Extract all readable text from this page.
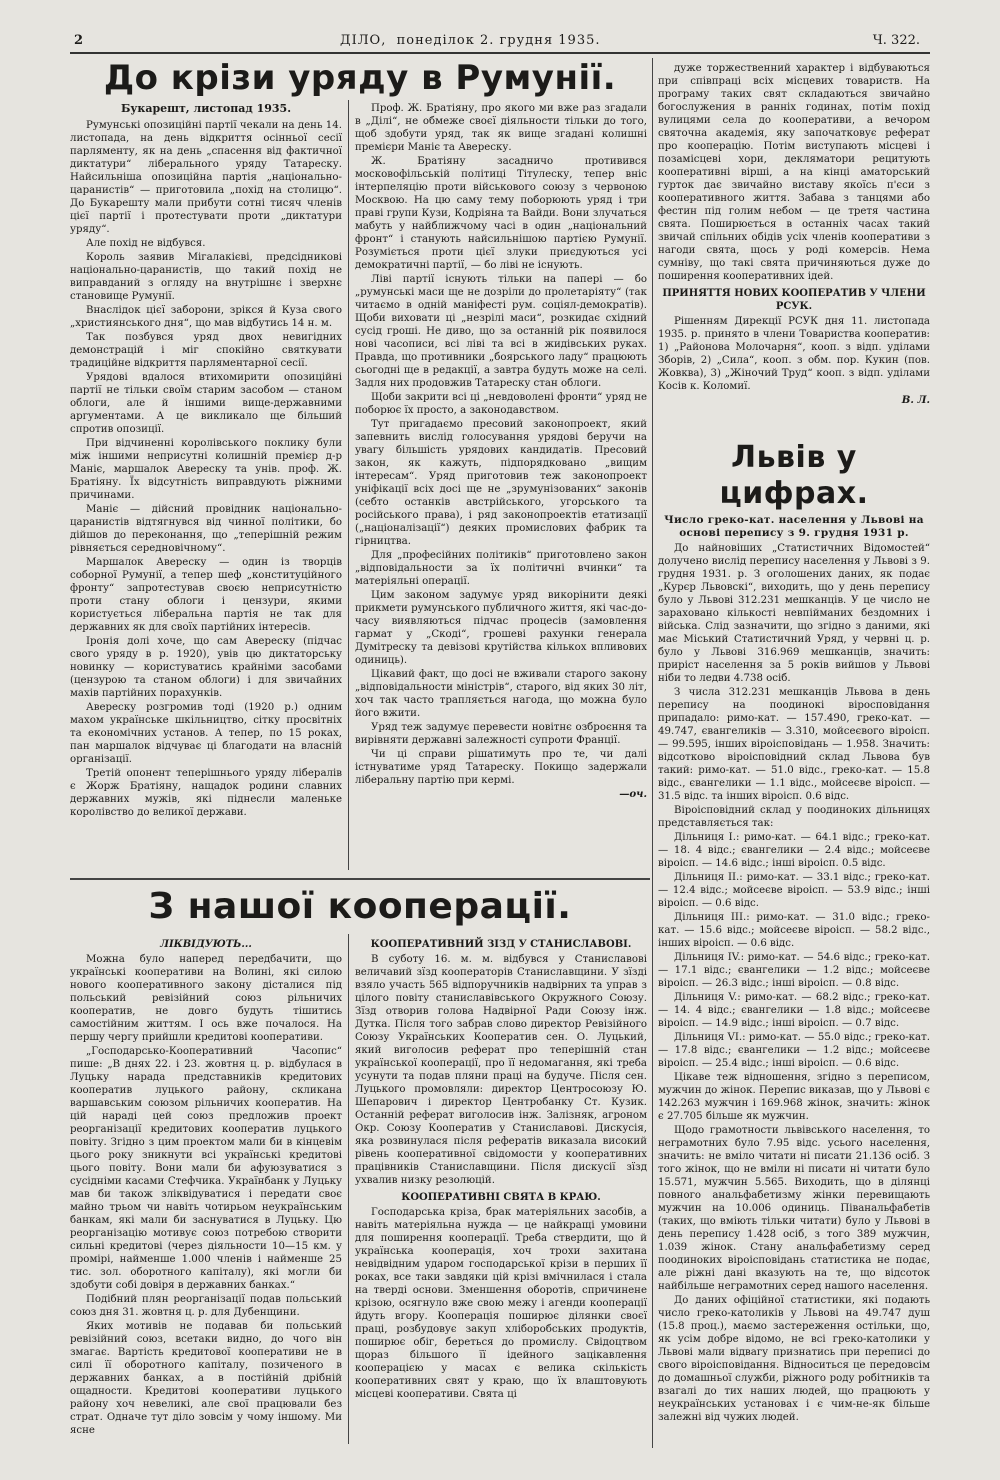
2	ДІЛО, понеділок 2. грудня 1935.	Ч. 322.
До крізи уряду в Румунії.
Букарешт, листопад 1935.

Румунські опозиційні партії чекали на день 14. листопада, на день відкриття осінньої сесії парляменту, як на день „спасення від фактичної диктатури“ ліберального уряду Татареску. Найсильніша опозиційна партія „національно-царанистів“ — приготовила „похід на столицю“. До Букарешту мали прибути сотні тисяч членів цієї партії і протестувати проти „диктатури уряду“.

Але похід не відбувся.

Король заявив Мігалакієві, предсідникові національно-царанистів, що такий похід не виправданий з огляду на внутрішнє і зверхнє становище Румунії.

Внаслідок цієї заборони, зрікся й Куза свого „християнського дня“, що мав відбутись 14 н. м.

Так позбувся уряд двох невигідних демонстрацій і міг спокійно святкувати традиційне відкриття парляментарної сесії.

Урядові вдалося втихомирити опозиційні партії не тільки своїм старим засобом — станом облоги, але й іншими вище-державними аргументами. А це викликало ще більший спротив опозиції.

При відчиненні королівського поклику були між іншими неприсутні колишній премієр д-р Маніє, маршалок Авереску та унів. проф. Ж. Братіяну. Їх відсутність виправдують ріжними причинами.

Маніє — дійсний провідник національно-царанистів відтягнувся від чинної політики, бо дійшов до переконання, що „теперішній режим рівняється середновічному“.

Маршалок Авереску — один із творців соборної Румунії, а тепер шеф „конституційного фронту“ запротестував своєю неприсутністю проти стану облоги і цензури, якими користується ліберальна партія не так для державних як для своїх партійних інтересів.

Іронія долі хоче, що сам Авереску (підчас свого уряду в р. 1920), увів цю диктаторську новинку — користуватись крайніми засобами (цензурою та станом облоги) і для звичайних махів партійних порахунків.

Авереску розгромив тоді (1920 р.) одним махом українське шкільництво, сітку просвітніх та економічних установ. А тепер, по 15 роках, пан маршалок відчуває ці благодати на власній організації.

Третій опонент теперішнього уряду лібералів є Жорж Братіяну, нащадок родини славних державних мужів, які піднесли маленьке королівство до великої держави.

Проф. Ж. Братіяну, про якого ми вже раз згадали в „Ділі“, не обмеже своєї діяльности тільки до того, щоб здобути уряд, так як вище згадані колишні премієри Маніє та Авереску.

Ж. Братіяну засадничо противився московофільській політиці Тітулеску, тепер вніс інтерпеляцію проти військового союзу з червоною Москвою. На цю саму тему поборюють уряд і три праві групи Кузи, Кодріяна та Вайди. Вони злучаться мабуть у найближчому часі в один „національний фронт“ і станують найсильнішою партією Румунії. Розуміється проти цієї злуки приєдуються усі демократичні партії, — бо ліві не існують.

Ліві партії існують тільки на папері — бо „румунські маси ще не дозріли до пролетаріяту“ (так читаємо в одній маніфесті рум. соціял-демократів). Щоби виховати ці „незрілі маси“, розкидає східний сусід гроші. Не диво, що за останній рік появилося нові часописи, всі ліві та всі в жидівських руках. Правда, що противники „боярського ладу“ працюють сьогодні ще в редакції, а завтра будуть може на селі. Задля них продовжив Татареску стан облоги.

Щоби закрити всі ці „невдоволені фронти“ уряд не поборює їх просто, а законодавством.

Тут пригадаємо пресовий законопроект, який запевнить вислід голосування урядові беручи на увагу більшість урядових кандидатів. Пресовий закон, як кажуть, підпорядковано „вищим інтересам“. Уряд приготовив теж законопроект уніфікації всіх досі ще не „зрумунізованих“ законів (себто останків австрійського, угорського та російського права), і ряд законопроектів етатизації („націоналізації“) деяких промислових фабрик та гірництва.

Для „професійних політиків“ приготовлено закон „відповідальности за їх політичні вчинки“ та матеріяльні операції.

Цим законом задумує уряд викорінити деякі прикмети румунського публичного життя, які час-до-часу виявляються підчас процесів (замовлення гармат у „Скоді“, грошеві рахунки генерала Думітреску та девізові крутійства кількох впливових одиниць).

Цікавий факт, що досі не вживали старого закону „відповідальности міністрів“, старого, від яких 30 літ, хоч так часто трапляється нагода, що можна було його вжити.

Уряд теж задумує перевести новітнє озброєння та вирівняти державні залежності супроти Франції.

Чи ці справи рішатимуть про те, чи далі істнуватиме уряд Татареску. Покищо задержали ліберальну партію при кермі.

—оч.

дуже торжественний характер і відбуваються при співпраці всіх місцевих товариств. На програму таких свят складаються звичайно богослужения в ранніх годинах, потім похід вулицями села до кооперативи, а вечором святочна академія, яку започатковує реферат про кооперацію. Потім виступають місцеві і позамісцеві хори, декляматори рецитують кооперативні вірші, а на кінці аматорський гурток дає звичайно виставу якоїсь п'єси з кооперативного життя. Забава з танцями або фестин під голим небом — це третя частина свята. Поширюється в останніх часах такий звичай спільних обідів усіх членів кооперативи з нагоди свята, щось у роді комерсів. Нема сумніву, що такі свята причиняються дуже до поширення кооперативних ідей.

ПРИНЯТТЯ НОВИХ КООПЕРАТИВ У ЧЛЕНИ РСУК.

Рішенням Дирекції РСУК дня 11. листопада 1935. р. принято в члени Товариства кооператив: 1) „Районова Молочарня“, кооп. з відп. уділами Зборів, 2) „Сила“, кооп. з обм. пор. Кукин (пов. Жовква), 3) „Жіночий Труд“ кооп. з відп. уділами Косів к. Коломиї.

В. Л.
Львів у цифрах.
Число греко-кат. населення у Львові на основі перепису з 9. грудня 1931 р.

До найновіших „Статистичних Відомостей“ долучено вислід перепису населення у Львові з 9. грудня 1931. р. З оголошених даних, як подає „Курєр Львовскі“, виходить, що у день перепису було у Львові 312.231 мешканців. У це число не зараховано кількості невпійманих бездомних і війська. Слід зазначити, що згідно з даними, які має Міський Статистичний Уряд, у червні ц. р. було у Львові 316.969 мешканців, значить: приріст населення за 5 років вийшов у Львові ніби то ледви 4.738 осіб.

З числа 312.231 мешканців Львова в день перепису на поодинокі віросповідання припадало: римо-кат. — 157.490, греко-кат. — 49.747, євангеликів — 3.310, мойсеєвого віроісп. — 99.595, інших віроісповідань — 1.958. Значить: відсотково віроісповідний склад Львова був такий: римо-кат. — 51.0 відс., греко-кат. — 15.8 відс., євангелики — 1.1 відс., мойсеєве віроісп. — 31.5 відс. та інших віроісп. 0.6 відс.

Віроісповідний склад у поодиноких дільницях представляється так:

Дільниця І.: римо-кат. — 64.1 відс.; греко-кат. — 18. 4 відс.; євангелики — 2.4 відс.; мойсеєве віроісп. — 14.6 відс.; інші віроісп. 0.5 відс.

Дільниця ІІ.: римо-кат. — 33.1 відс.; греко-кат. — 12.4 відс.; мойсеєве віроісп. — 53.9 відс.; інші віроісп. — 0.6 відс.

Дільниця ІІІ.: римо-кат. — 31.0 відс.; греко-кат. — 15.6 відс.; мойсеєве віроісп. — 58.2 відс., інших віроісп. — 0.6 відс.

Дільниця IV.: римо-кат. — 54.6 відс.; греко-кат. — 17.1 відс.; євангелики — 1.2 відс.; мойсеєве віроісп. — 26.3 відс.; інші віроісп. — 0.8 відс.

Дільниця V.: римо-кат. — 68.2 відс.; греко-кат. — 14. 4 відс.; євангелики — 1.8 відс.; мойсеєве віроісп. — 14.9 відс.; інші віроісп. — 0.7 відс.

Дільниця VI.: римо-кат. — 55.0 відс.; греко-кат. — 17.8 відс.; євангелики — 1.2 відс.; мойсеєве віроісп. — 25.4 відс.; інші віроісп. — 0.6 відс.

Цікаве теж відношення, згідно з переписом, мужчин до жінок. Перепис виказав, що у Львові є 142.263 мужчин і 169.968 жінок, значить: жінок є 27.705 більше як мужчин.

Щодо грамотности львівського населення, то неграмотних було 7.95 відс. усього населення, значить: не вміло читати ні писати 21.136 осіб. З того жінок, що не вміли ні писати ні читати було 15.571, мужчин 5.565. Виходить, що в ділянці повного анальфабетизму жінки перевищають мужчин на 10.006 одиниць. Піванальфабетів (таких, що вміють тільки читати) було у Львові в день перепису 1.428 осіб, з того 389 мужчин, 1.039 жінок. Стану анальфабетизму серед поодиноких віроісповідань статистика не подає, але ріжні дані вказують на те, що відсоток найбільше неграмотних серед нашого населення.

До даних офіційної статистики, які подають число греко-католиків у Львові на 49.747 душ (15.8 проц.), маємо застереження остільки, що, як усім добре відомо, не всі греко-католики у Львові мали відвагу признатись при переписі до свого віроісповідання. Відноситься це передовсім до домашньої служби, ріжного роду робітників та взагалі до тих наших людей, що працюють у неукраїнських установах і є чим-не-як більше залежні від чужих людей.

З нашої кооперації.
ЛІКВІДУЮТЬ...

Можна було наперед передбачити, що українські кооперативи на Волині, які силою нового кооперативного закону дісталися під польський ревізійний союз рільничих кооператив, не довго будуть тішитись самостійним життям. І ось вже почалося. На першу чергу прийшли кредитові кооперативи.

„Господарсько-Кооперативний Часопис“ пише: „В днях 22. і 23. жовтня ц. р. відбулася в Луцьку нарада представників кредитових кооператив луцького району, скликана варшавським союзом рільничих кооператив. На цій нараді цей союз предложив проект реорганізації кредитових кооператив луцького повіту. Згідно з цим проектом мали би в кінцевім цього року зникнути всі українські кредитові цього повіту. Вони мали би афуюзуватися з сусідніми касами Стефчика. Українбанк у Луцьку мав би також зліквідуватися і передати своє майно трьом чи навіть чотирьом неукраїнським банкам, які мали би заснуватися в Луцьку. Цю реорганізацію мотивує союз потребою створити сильні кредитові (через діяльности 10—15 км. у промірі, найменше 1.000 членів і найменше 25 тис. зол. оборотного капіталу), які могли би здобути собі довіря в державних банках.“

Подібний плян реорганізації подав польський союз дня 31. жовтня ц. р. для Дубенщини.

Яких мотивів не подавав би польський ревізійний союз, всетаки видно, до чого він змагає. Вартість кредитової кооперативи не в силі її оборотного капіталу, позиченого в державних банках, а в постійній дрібній ощадности. Кредитові кооперативи луцького району хоч невеликі, але свої працювали без страт. Одначе тут діло зовсім у чому іншому. Ми ясне

КООПЕРАТИВНИЙ ЗІЗД У СТАНИСЛАВОВІ.

В суботу 16. м. м. відбувся у Станиславові величавий зїзд кооператорів Станиславщини. У зїзді взяло участь 565 відпоручників надвірних та управ з цілого повіту станиславівського Окружного Союзу. Зїзд отворив голова Надвірної Ради Союзу інж. Дутка. Після того забрав слово директор Ревізійного Союзу Українських Кооператив сен. О. Луцький, який виголосив реферат про теперішній стан української кооперації, про її недомагання, які треба усунути та подав пляни праці на будуче. Після сен. Луцького промовляли: директор Центросоюзу Ю. Шепарович і директор Центробанку Ст. Кузик. Останній реферат виголосив інж. Залізняк, агроном Окр. Союзу Кооператив у Станиславові. Дискусія, яка розвинулася після рефератів виказала високий рівень кооперативної свідомости у кооперативних працівників Станиславщини. Після дискусії зїзд ухвалив низку резолюцій.

КООПЕРАТИВНІ СВЯТА В КРАЮ.

Господарська кріза, брак матеріяльних засобів, а навіть матеріяльна нужда — це найкращі умовини для поширення кооперації. Треба ствердити, що й українська кооперація, хоч трохи захитана невідвідним ударом господарської крізи в перших її роках, все таки завдяки цій крізі вмічнилася і стала на тверді основи. Зменшення оборотів, спричинене крізою, осягнуло вже свою межу і агенди кооперації йдуть вгору. Кооперація поширює ділянки своєї праці, розбудовує закуп хліборобських продуктів, поширює обіг, береться до промислу. Свідоцтвом щораз більшого її ідейного зацікавлення кооперацією у масах є велика скількість кооперативних свят у краю, що їх влаштовують місцеві кооперативи. Свята ці
